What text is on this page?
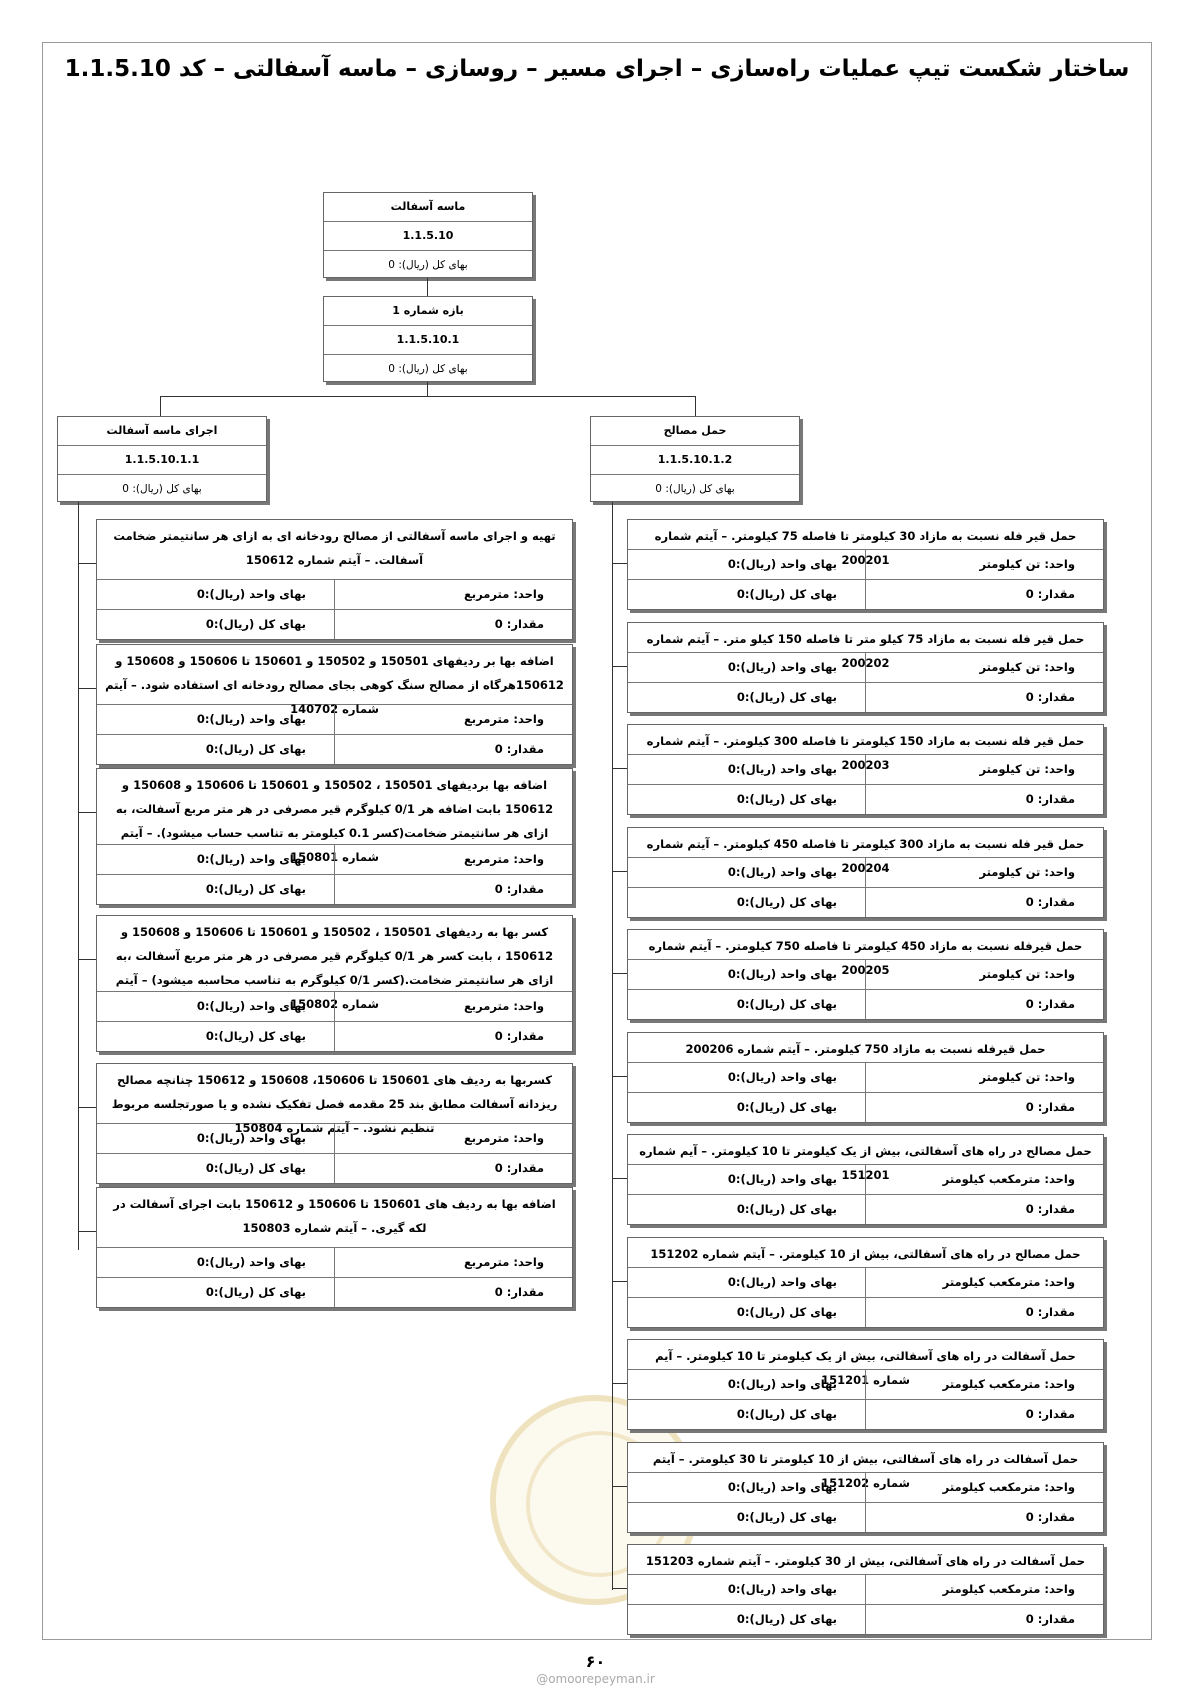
ساختار شکست تیپ عملیات راه‌سازی – اجرای مسیر – روسازی – ماسه آسفالتی – کد 1.1.5.10
ماسه آسفالت
1.1.5.10
بهای کل (ریال): 0
بازه شماره 1
1.1.5.10.1
بهای کل (ریال): 0
اجرای ماسه آسفالت
1.1.5.10.1.1
بهای کل (ریال): 0
حمل مصالح
1.1.5.10.1.2
بهای کل (ریال): 0
تهیه و اجرای ماسه آسفالتی از مصالح رودخانه ای به ازای هر سانتیمتر ضخامت آسفالت. – آیتم شماره 150612
واحد: مترمربع
بهای واحد (ریال):0
مقدار: 0
بهای کل (ریال):0
اضافه بها بر ردیفهای 150501 و 150502 و 150601 تا 150606 و 150608 و 150612هرگاه از مصالح سنگ کوهی بجای مصالح رودخانه ای استفاده شود. – آیتم شماره 140702
واحد: مترمربع
بهای واحد (ریال):0
مقدار: 0
بهای کل (ریال):0
اضافه بها بردیفهای 150501 ، 150502 و 150601 تا 150606 و 150608 و 150612 بابت اضافه هر 0/1 کیلوگرم قیر مصرفی در هر متر مربع آسفالت، به ازای هر سانتیمتر ضخامت(کسر 0.1 کیلومتر به تناسب حساب میشود). – آیتم شماره 150801	واحد: مترمربع
بهای واحد (ریال):0
مقدار: 0
بهای کل (ریال):0
کسر بها به ردیفهای 150501 ، 150502 و 150601 تا 150606 و 150608 و 150612 ، بابت کسر هر 0/1 کیلوگرم قیر مصرفی در هر متر مربع آسفالت ،به ازای هر سانتیمتر ضخامت.(کسر 0/1 کیلوگرم به تناسب محاسبه میشود) – آیتم شماره 150802	واحد: مترمربع
بهای واحد (ریال):0
مقدار: 0
بهای کل (ریال):0
کسربها به ردیف های 150601 تا 150606، 150608 و 150612 چنانچه مصالح ریزدانه آسفالت مطابق بند 25 مقدمه فصل تفکیک نشده و یا صورتجلسه مربوط تنظیم نشود. – آیتم شماره 150804
واحد: مترمربع
بهای واحد (ریال):0
مقدار: 0
بهای کل (ریال):0
اضافه بها به ردیف های 150601 تا 150606 و 150612 بابت اجرای آسفالت در لکه گیری. – آیتم شماره 150803
واحد: مترمربع
بهای واحد (ریال):0
مقدار: 0
بهای کل (ریال):0
حمل قیر فله نسبت به مازاد 30 کیلومتر تا فاصله 75 کیلومتر. – آیتم شماره 200201	واحد: تن کیلومتر
بهای واحد (ریال):0
مقدار: 0
بهای کل (ریال):0
حمل قیر فله نسبت به مازاد 75 کیلو متر تا فاصله 150 کیلو متر. – آیتم شماره 200202	واحد: تن کیلومتر
بهای واحد (ریال):0
مقدار: 0
بهای کل (ریال):0
حمل قیر فله نسبت به مازاد 150 کیلومتر تا فاصله 300 کیلومتر. – آیتم شماره 200203	واحد: تن کیلومتر
بهای واحد (ریال):0
مقدار: 0
بهای کل (ریال):0
حمل قیر فله نسبت به مازاد 300 کیلومتر تا فاصله 450 کیلومتر. – آیتم شماره 200204	واحد: تن کیلومتر
بهای واحد (ریال):0
مقدار: 0
بهای کل (ریال):0
حمل قیرفله نسبت به مازاد 450 کیلومتر تا فاصله 750 کیلومتر. – آیتم شماره 200205	واحد: تن کیلومتر
بهای واحد (ریال):0
مقدار: 0
بهای کل (ریال):0
حمل قیرفله نسبت به مازاد 750 کیلومتر. – آیتم شماره 200206
واحد: تن کیلومتر
بهای واحد (ریال):0
مقدار: 0
بهای کل (ریال):0
حمل مصالح در راه های آسفالتی، بیش از یک کیلومتر تا 10 کیلومتر. – آیم شماره 151201	واحد: مترمکعب کیلومتر
بهای واحد (ریال):0
مقدار: 0
بهای کل (ریال):0
حمل مصالح در راه های آسفالتی، بیش از 10 کیلومتر. – آیتم شماره 151202
واحد: مترمکعب کیلومتر
بهای واحد (ریال):0
مقدار: 0
بهای کل (ریال):0
حمل آسفالت در راه های آسفالتی، بیش از یک کیلومتر تا 10 کیلومتر. – آیم شماره 151201	واحد: مترمکعب کیلومتر
بهای واحد (ریال):0
مقدار: 0
بهای کل (ریال):0
حمل آسفالت در راه های آسفالتی، بیش از 10 کیلومتر تا 30 کیلومتر. – آیتم شماره 151202	واحد: مترمکعب کیلومتر
بهای واحد (ریال):0
مقدار: 0
بهای کل (ریال):0
حمل آسفالت در راه های آسفالتی، بیش از 30 کیلومتر. – آیتم شماره 151203
واحد: مترمکعب کیلومتر
بهای واحد (ریال):0
مقدار: 0
بهای کل (ریال):0
۶۰
@omoorepeyman.ir
